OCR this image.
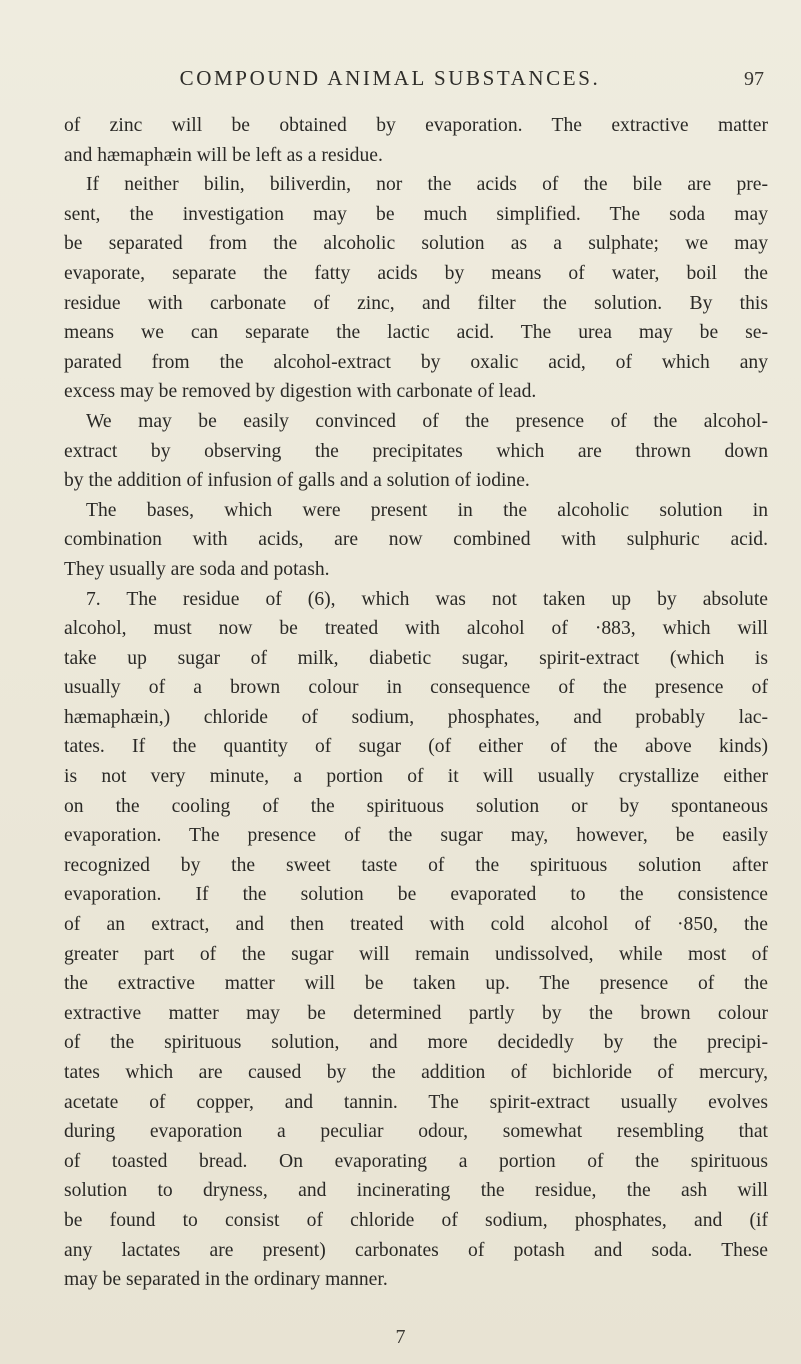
COMPOUND ANIMAL SUBSTANCES.	97
of zinc will be obtained by evaporation. The extractive matter
and hæmaphæin will be left as a residue.
If neither bilin, biliverdin, nor the acids of the bile are pre-
sent, the investigation may be much simplified. The soda may
be separated from the alcoholic solution as a sulphate; we may
evaporate, separate the fatty acids by means of water, boil the
residue with carbonate of zinc, and filter the solution. By this
means we can separate the lactic acid. The urea may be se-
parated from the alcohol-extract by oxalic acid, of which any
excess may be removed by digestion with carbonate of lead.
We may be easily convinced of the presence of the alcohol-
extract by observing the precipitates which are thrown down
by the addition of infusion of galls and a solution of iodine.
The bases, which were present in the alcoholic solution in
combination with acids, are now combined with sulphuric acid.
They usually are soda and potash.
7. The residue of (6), which was not taken up by absolute
alcohol, must now be treated with alcohol of ·883, which will
take up sugar of milk, diabetic sugar, spirit-extract (which is
usually of a brown colour in consequence of the presence of
hæmaphæin,) chloride of sodium, phosphates, and probably lac-
tates. If the quantity of sugar (of either of the above kinds)
is not very minute, a portion of it will usually crystallize either
on the cooling of the spirituous solution or by spontaneous
evaporation. The presence of the sugar may, however, be easily
recognized by the sweet taste of the spirituous solution after
evaporation. If the solution be evaporated to the consistence
of an extract, and then treated with cold alcohol of ·850, the
greater part of the sugar will remain undissolved, while most of
the extractive matter will be taken up. The presence of the
extractive matter may be determined partly by the brown colour
of the spirituous solution, and more decidedly by the precipi-
tates which are caused by the addition of bichloride of mercury,
acetate of copper, and tannin. The spirit-extract usually evolves
during evaporation a peculiar odour, somewhat resembling that
of toasted bread. On evaporating a portion of the spirituous
solution to dryness, and incinerating the residue, the ash will
be found to consist of chloride of sodium, phosphates, and (if
any lactates are present) carbonates of potash and soda. These
may be separated in the ordinary manner.
7
